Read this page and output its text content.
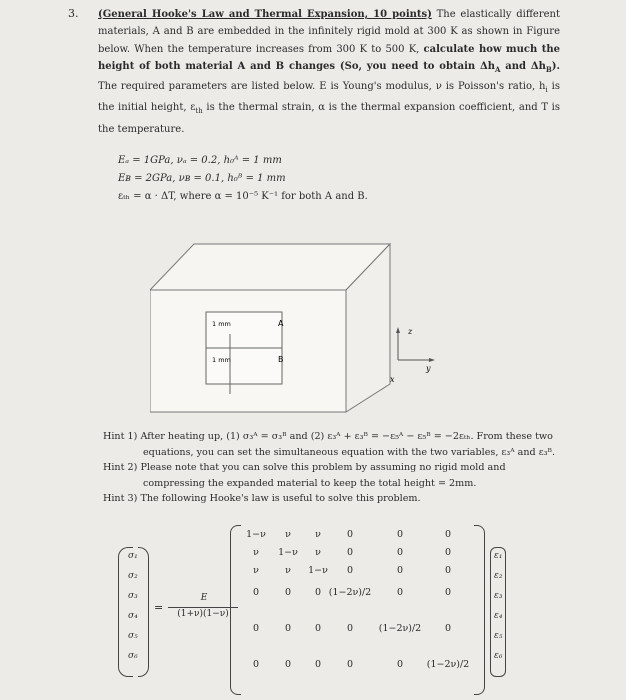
3. (General Hooke's Law and Thermal Expansion, 10 points) The elastically different materials, A and B are embedded in the infinitely rigid mold at 300 K as shown in Figure below. When the temperature increases from 300 K to 500 K, calculate how much the height of both material A and B changes (So, you need to obtain $\Delta h_A$ and $\Delta h_B$). The required parameters are listed below. E is Young's modulus, ν is Poisson's ratio, $h_i$ is the initial height, $\varepsilon_{th}$ is the thermal strain, α is the thermal expansion coefficient, and T is the temperature.
Eₐ = 1GPa, νₐ = 0.2, h₀ᴬ = 1 mm
Eʙ = 2GPa, νʙ = 0.1, h₀ᴮ = 1 mm
εₜₕ = α · ΔT, where α = 10⁻⁵ K⁻¹ for both A and B.
1 mm
1 mm
A
B
z
y
x
Hint 1) After heating up, (1) σ₃ᴬ = σ₃ᴮ and (2) ε₃ᴬ + ε₃ᴮ = −ε₅ᴬ − ε₅ᴮ = −2εₜₕ. From these two
equations, you can set the simultaneous equation with the two variables, ε₃ᴬ and ε₃ᴮ.
Hint 2) Please note that you can solve this problem by assuming no rigid mold and
compressing the expanded material to keep the total height = 2mm.
Hint 3) The following Hooke's law is useful to solve this problem.
σ₁
σ₂
σ₃
σ₄
σ₅
σ₆
=
E
(1+ν)(1−ν)
1−ν	ν	ν	0	0	0
ν	1−ν	ν	0	0	0
ν	ν	1−ν	0	0	0
0	0	0 (1−2ν)/2	0	0
0	0	0	0	(1−2ν)/2	0
0	0	0	0	0	(1−2ν)/2
ε₁
ε₂
ε₃
ε₄
ε₅
ε₆
